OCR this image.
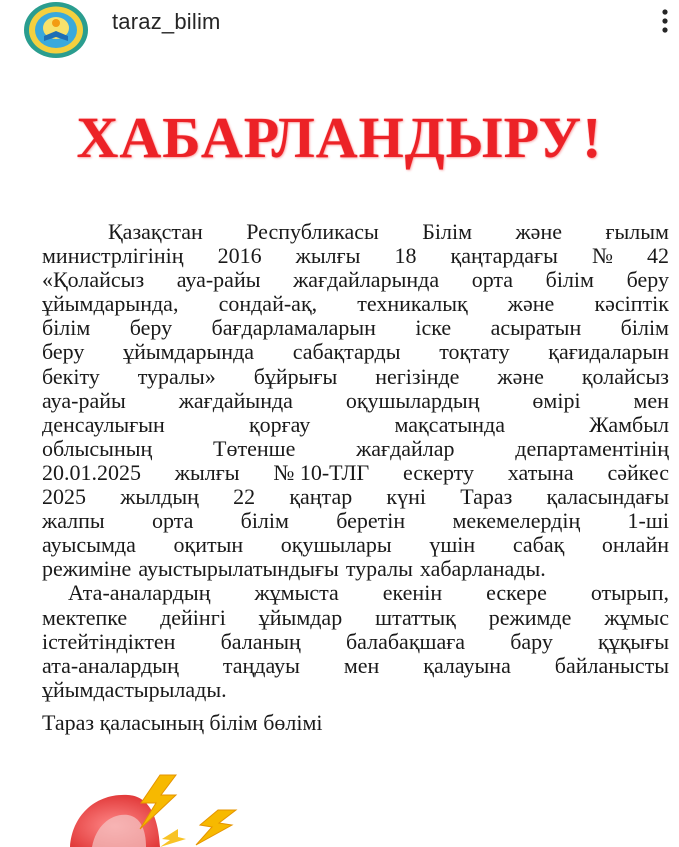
taraz_bilim
ХАБАРЛАНДЫРУ!
Қазақстан Республикасы Білім және ғылым
министрлігінің 2016 жылғы 18 қаңтардағы № 42
«Қолайсыз ауа-райы жағдайларында орта білім беру
ұйымдарында, сондай-ақ, техникалық және кәсіптік
білім беру бағдарламаларын іске асыратын білім
беру ұйымдарында сабақтарды тоқтату қағидаларын
бекіту туралы» бұйрығы негізінде және қолайсыз
ауа-райы жағдайында оқушылардың өмірі мен
денсаулығын	қорғау	мақсатында	Жамбыл
облысының	Төтенше	жағдайлар	департаментінің
20.01.2025 жылғы № 10-ТЛГ ескерту хатына сәйкес
2025 жылдың 22 қаңтар күні Тараз қаласындағы
жалпы орта білім беретін мекемелердің 1-ші
ауысымда оқитын оқушылары үшін сабақ онлайн
режиміне ауыстырылатындығы туралы хабарланады.
Ата-аналардың жұмыста екенін ескере отырып,
мектепке дейінгі ұйымдар штаттық режимде жұмыс
істейтіндіктен баланың балабақшаға бару құқығы
ата-аналардың таңдауы мен қалауына байланысты
ұйымдастырылады.
Тараз қаласының білім бөлімі
